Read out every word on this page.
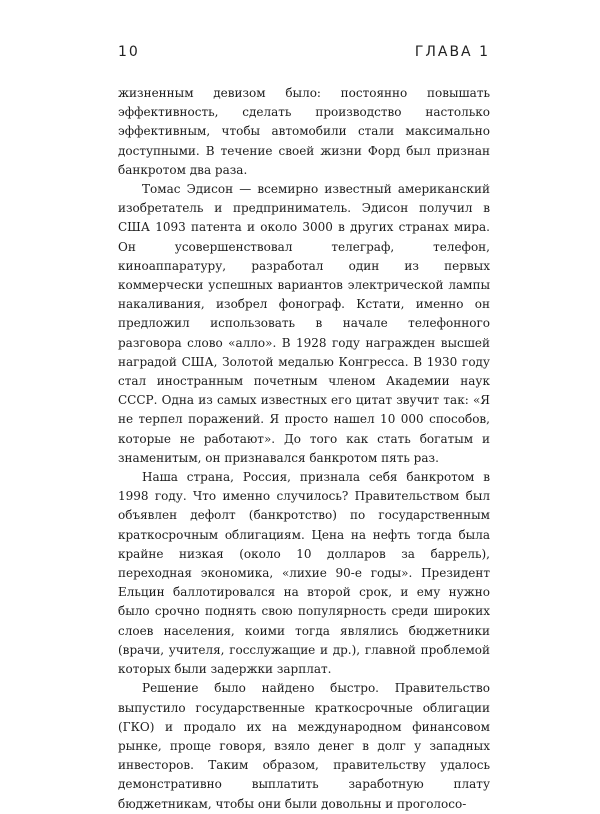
10	ГЛАВА 1

жизненным девизом было: постоянно повышать эффективность, сделать производство настолько эффективным, чтобы автомобили стали максимально доступными. В течение своей жизни Форд был признан банкротом два раза.

Томас Эдисон — всемирно известный американский изобретатель и предприниматель. Эдисон получил в США 1093 патента и около 3000 в других странах мира. Он усовершенствовал телеграф, телефон, киноаппаратуру, разработал один из первых коммерчески успешных вариантов электрической лампы накаливания, изобрел фонограф. Кстати, именно он предложил использовать в начале телефонного разговора слово «алло». В 1928 году награжден высшей наградой США, Золотой медалью Конгресса. В 1930 году стал иностранным почетным членом Академии наук СССР. Одна из самых известных его цитат звучит так: «Я не терпел поражений. Я просто нашел 10 000 способов, которые не работают». До того как стать богатым и знаменитым, он признавался банкротом пять раз.

Наша страна, Россия, признала себя банкротом в 1998 году. Что именно случилось? Правительством был объявлен дефолт (банкротство) по государственным краткосрочным облигациям. Цена на нефть тогда была крайне низкая (около 10 долларов за баррель), переходная экономика, «лихие 90-е годы». Президент Ельцин баллотировался на второй срок, и ему нужно было срочно поднять свою популярность среди широких слоев населения, коими тогда являлись бюджетники (врачи, учителя, госслужащие и др.), главной проблемой которых были задержки зарплат.

Решение было найдено быстро. Правительство выпустило государственные краткосрочные облигации (ГКО) и продало их на международном финансовом рынке, проще говоря, взяло денег в долг у западных инвесторов. Таким образом, правительству удалось демонстративно выплатить заработную плату бюджетникам, чтобы они были довольны и проголосо-
